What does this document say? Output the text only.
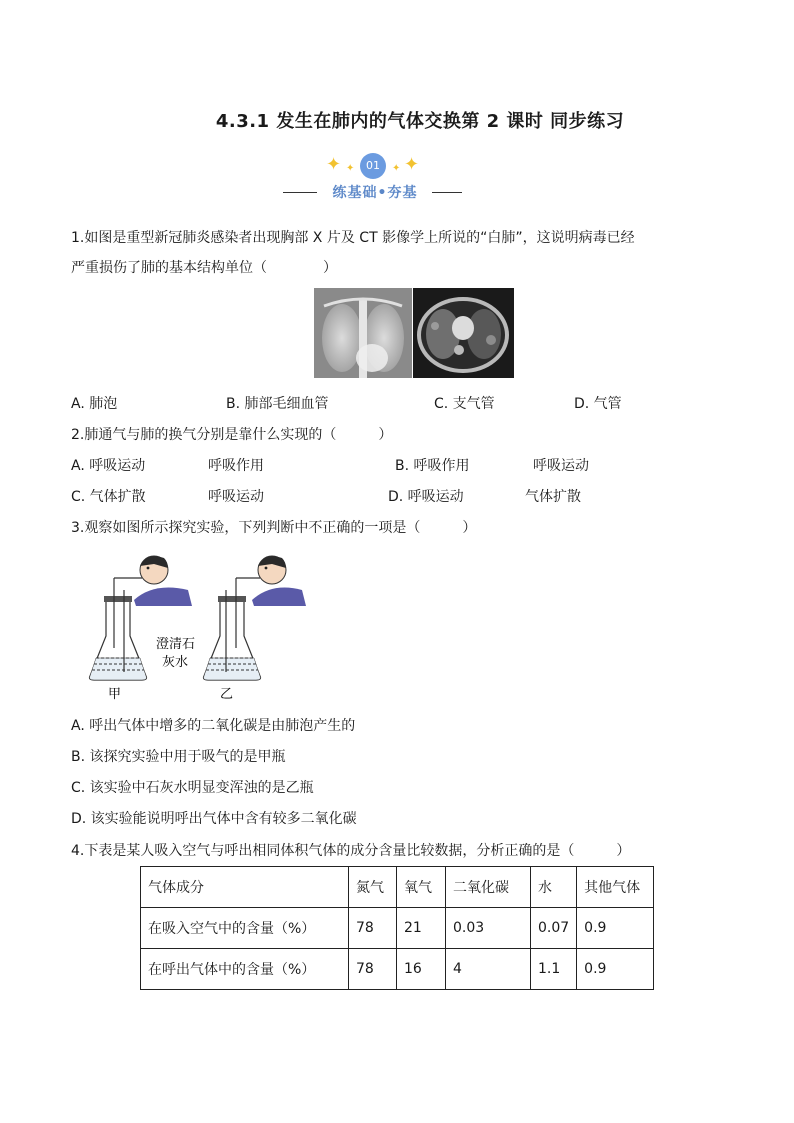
4.3.1 发生在肺内的气体交换第 2 课时 同步练习
✦ ✦	01	✦ ✦
练基础•夯基
1.如图是重型新冠肺炎感染者出现胸部 X 片及 CT 影像学上所说的“白肺”，这说明病毒已经
严重损伤了肺的基本结构单位（　　　　）
A. 肺泡	B. 肺部毛细血管	C. 支气管	D. 气管
2.肺通气与肺的换气分别是靠什么实现的（　　　）
A. 呼吸运动	呼吸作用	B. 呼吸作用	呼吸运动
C. 气体扩散	呼吸运动	D. 呼吸运动	气体扩散
3.观察如图所示探究实验，下列判断中不正确的一项是（　　　）
澄清石
灰水
甲	乙
A. 呼出气体中增多的二氧化碳是由肺泡产生的
B. 该探究实验中用于吸气的是甲瓶
C. 该实验中石灰水明显变浑浊的是乙瓶
D. 该实验能说明呼出气体中含有较多二氧化碳
4.下表是某人吸入空气与呼出相同体积气体的成分含量比较数据，分析正确的是（　　　）
气体成分	氮气	氧气	二氧化碳	水	其他气体
在吸入空气中的含量（%）	78	21	0.03	0.07	0.9
在呼出气体中的含量（%）	78	16	4	1.1	0.9
